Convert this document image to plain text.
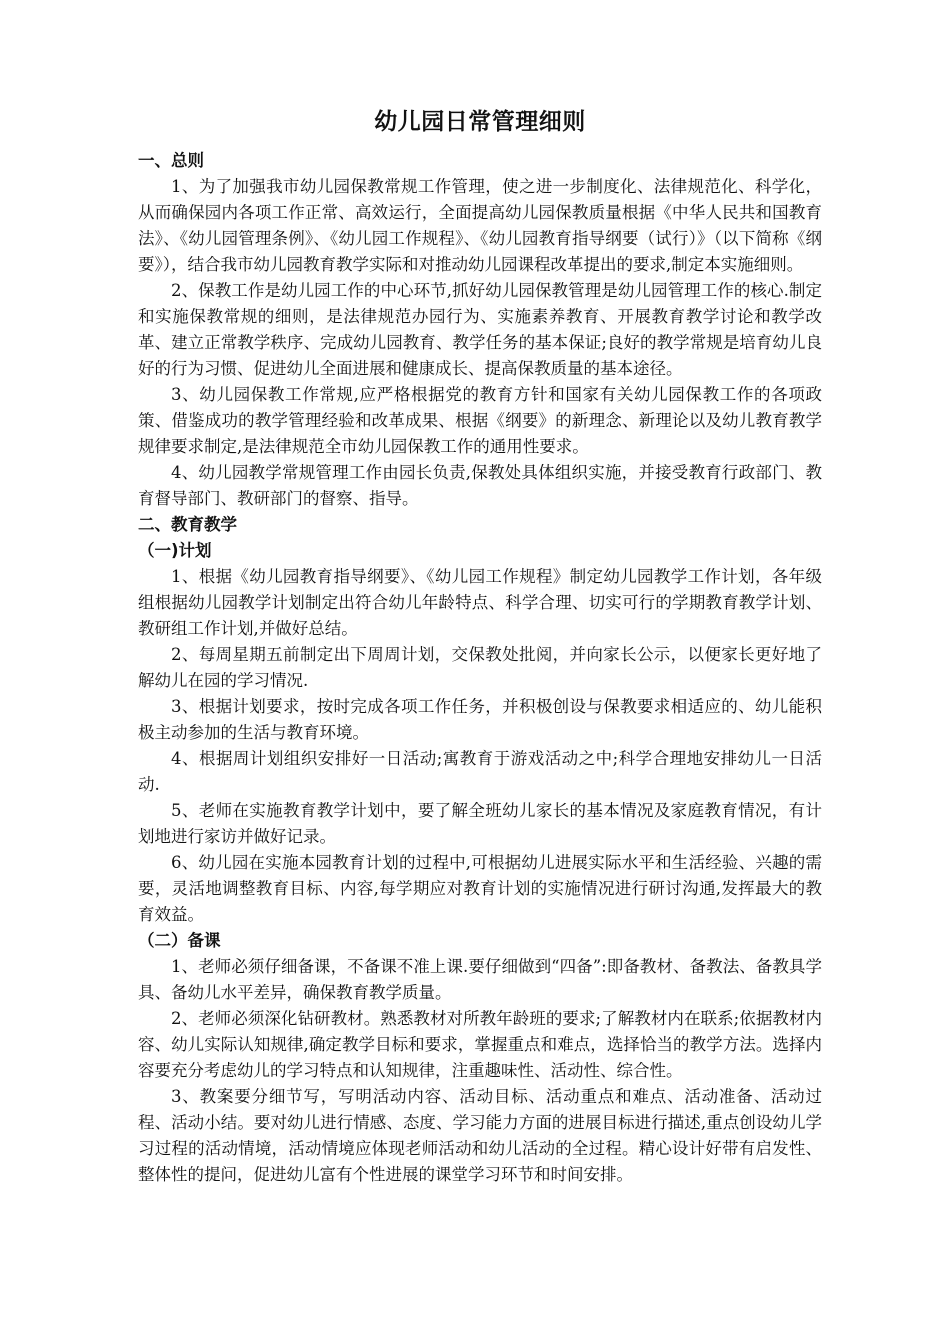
幼儿园日常管理细则

一、总则

1、为了加强我市幼儿园保教常规工作管理，使之进一步制度化、法律规范化、科学化，从而确保园内各项工作正常、高效运行，全面提高幼儿园保教质量根据《中华人民共和国教育法》、《幼儿园管理条例》、《幼儿园工作规程》、《幼儿园教育指导纲要（试行）》（以下简称《纲要》），结合我市幼儿园教育教学实际和对推动幼儿园课程改革提出的要求,制定本实施细则。

2、保教工作是幼儿园工作的中心环节,抓好幼儿园保教管理是幼儿园管理工作的核心.制定和实施保教常规的细则，是法律规范办园行为、实施素养教育、开展教育教学讨论和教学改革、建立正常教学秩序、完成幼儿园教育、教学任务的基本保证;良好的教学常规是培育幼儿良好的行为习惯、促进幼儿全面进展和健康成长、提高保教质量的基本途径。

3、幼儿园保教工作常规,应严格根据党的教育方针和国家有关幼儿园保教工作的各项政策、借鉴成功的教学管理经验和改革成果、根据《纲要》的新理念、新理论以及幼儿教育教学规律要求制定,是法律规范全市幼儿园保教工作的通用性要求。

4、幼儿园教学常规管理工作由园长负责,保教处具体组织实施，并接受教育行政部门、教育督导部门、教研部门的督察、指导。

二、教育教学

（一)计划

1、根据《幼儿园教育指导纲要》、《幼儿园工作规程》制定幼儿园教学工作计划，各年级组根据幼儿园教学计划制定出符合幼儿年龄特点、科学合理、切实可行的学期教育教学计划、教研组工作计划,并做好总结。

2、每周星期五前制定出下周周计划，交保教处批阅，并向家长公示，以便家长更好地了解幼儿在园的学习情况.

3、根据计划要求，按时完成各项工作任务，并积极创设与保教要求相适应的、幼儿能积极主动参加的生活与教育环境。

4、根据周计划组织安排好一日活动;寓教育于游戏活动之中;科学合理地安排幼儿一日活动.

5、老师在实施教育教学计划中，要了解全班幼儿家长的基本情况及家庭教育情况，有计划地进行家访并做好记录。

6、幼儿园在实施本园教育计划的过程中,可根据幼儿进展实际水平和生活经验、兴趣的需要，灵活地调整教育目标、内容,每学期应对教育计划的实施情况进行研讨沟通,发挥最大的教育效益。

（二）备课

1、老师必须仔细备课，不备课不准上课.要仔细做到“四备”:即备教材、备教法、备教具学具、备幼儿水平差异，确保教育教学质量。

2、老师必须深化钻研教材。熟悉教材对所教年龄班的要求;了解教材内在联系;依据教材内容、幼儿实际认知规律,确定教学目标和要求，掌握重点和难点，选择恰当的教学方法。选择内容要充分考虑幼儿的学习特点和认知规律，注重趣味性、活动性、综合性。

3、教案要分细节写，写明活动内容、活动目标、活动重点和难点、活动准备、活动过程、活动小结。要对幼儿进行情感、态度、学习能力方面的进展目标进行描述,重点创设幼儿学习过程的活动情境，活动情境应体现老师活动和幼儿活动的全过程。精心设计好带有启发性、整体性的提问，促进幼儿富有个性进展的课堂学习环节和时间安排。
